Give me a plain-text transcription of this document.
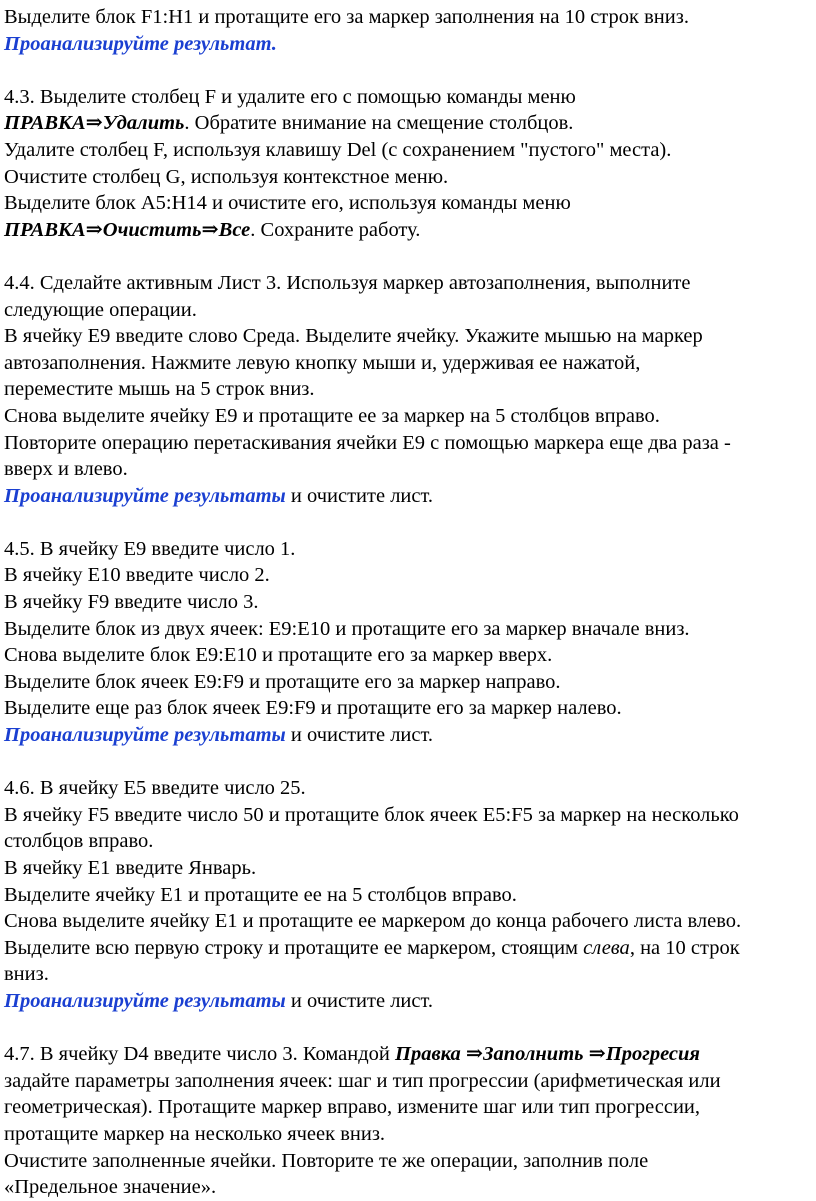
Выделите блок F1:H1 и протащите его за маркер заполнения на 10 строк вниз.
Проанализируйте результат.
4.3. Выделите столбец F и удалите его с помощью команды меню
ПРАВКА⇒Удалить. Обратите внимание на смещение столбцов.
Удалите столбец F, используя клавишу Del (с сохранением "пустого" места).
Очистите столбец G, используя контекстное меню.
Выделите блок A5:H14 и очистите его, используя команды меню
ПРАВКА⇒Очистить⇒Все. Сохраните работу.
4.4. Сделайте активным Лист 3. Используя маркер автозаполнения, выполните
следующие операции.
В ячейку E9 введите слово Среда. Выделите ячейку. Укажите мышью на маркер
автозаполнения. Нажмите левую кнопку мыши и, удерживая ее нажатой,
переместите мышь на 5 строк вниз.
Снова выделите ячейку E9 и протащите ее за маркер на 5 столбцов вправо.
Повторите операцию перетаскивания ячейки E9 с помощью маркера еще два раза -
вверх и влево.
Проанализируйте результаты и очистите лист.
4.5. В ячейку E9 введите число 1.
В ячейку E10 введите число 2.
В ячейку F9 введите число 3.
Выделите блок из двух ячеек: E9:E10 и протащите его за маркер вначале вниз.
Снова выделите блок E9:E10 и протащите его за маркер вверх.
Выделите блок ячеек E9:F9 и протащите его за маркер направо.
Выделите еще раз блок ячеек E9:F9 и протащите его за маркер налево.
Проанализируйте результаты и очистите лист.
4.6. В ячейку E5 введите число 25.
В ячейку F5 введите число 50 и протащите блок ячеек E5:F5 за маркер на несколько
столбцов вправо.
В ячейку E1 введите Январь.
Выделите ячейку E1 и протащите ее на 5 столбцов вправо.
Снова выделите ячейку E1 и протащите ее маркером до конца рабочего листа влево.
Выделите всю первую строку и протащите ее маркером, стоящим слева, на 10 строк
вниз.
Проанализируйте результаты и очистите лист.
4.7. В ячейку D4 введите число 3. Командой Правка ⇒Заполнить ⇒Прогресия
задайте параметры заполнения ячеек: шаг и тип прогрессии (арифметическая или
геометрическая). Протащите маркер вправо, измените шаг или тип прогрессии,
протащите маркер на несколько ячеек вниз.
Очистите заполненные ячейки. Повторите те же операции, заполнив поле
«Предельное значение».
